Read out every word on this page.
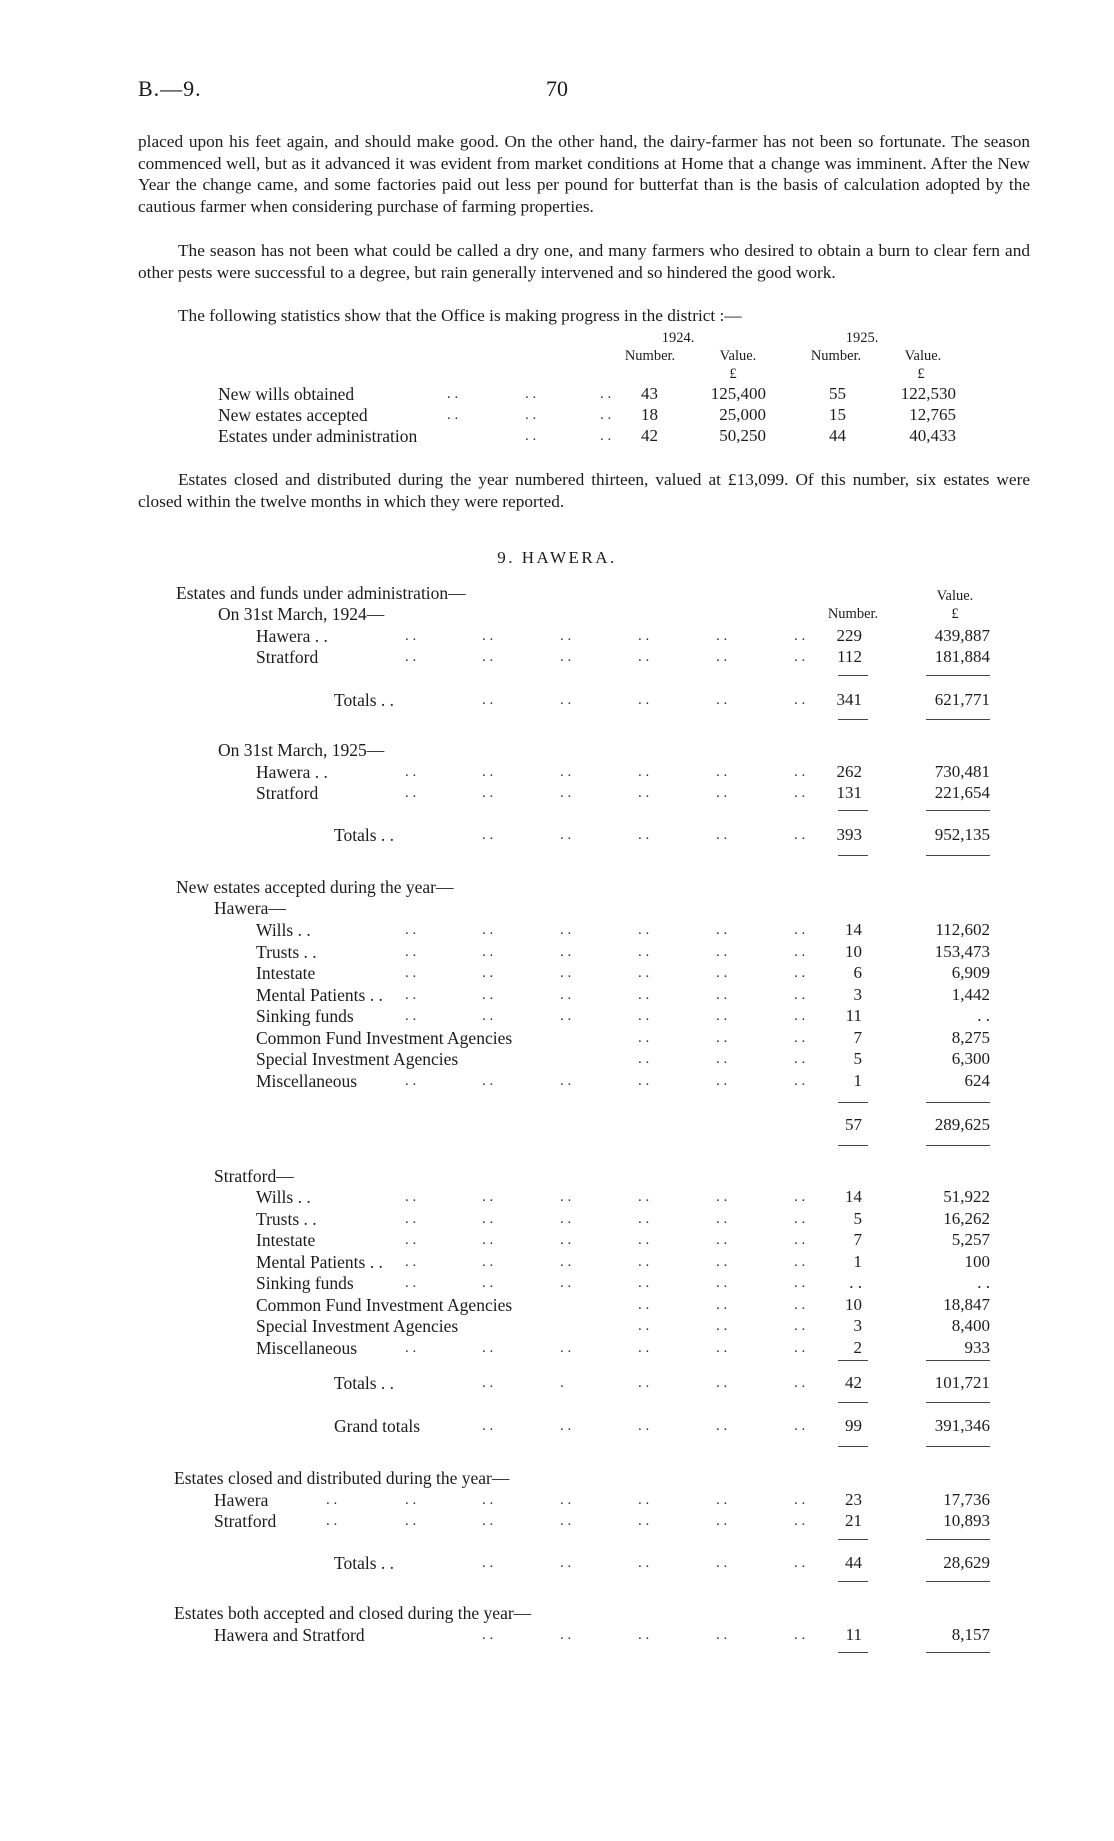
B.—9.	70

placed upon his feet again, and should make good. On the other hand, the dairy-farmer has not been so fortunate. The season commenced well, but as it advanced it was evident from market conditions at Home that a change was imminent. After the New Year the change came, and some factories paid out less per pound for butterfat than is the basis of calculation adopted by the cautious farmer when considering purchase of farming properties.

The season has not been what could be called a dry one, and many farmers who desired to obtain a burn to clear fern and other pests were successful to a degree, but rain generally intervened and so hindered the good work.

The following statistics show that the Office is making progress in the district :—

1924.	1925.
Number.	Value.	Number.	Value.
£	£
New wills obtained	. .	. .	. . 43	125,400	55	122,530
New estates accepted	. .	. .	. . 18	25,000	15	12,765
Estates under administration	. .	. . 42	50,250	44	40,433

Estates closed and distributed during the year numbered thirteen, valued at £13,099. Of this number, six estates were closed within the twelve months in which they were reported.

9. HAWERA.
Number.
Value.
£
Estates and funds under administration—
On 31st March, 1924—
Hawera . .	. .	. .	. .	. .	. .	. . 229	439,887
Stratford	. .	. .	. .	. .	. .	. . 112	181,884
Totals . .	. .	. .	. .	. .	. . 341	621,771
On 31st March, 1925—
Hawera . .	. .	. .	. .	. .	. .	. . 262	730,481
Stratford	. .	. .	. .	. .	. .	. . 131	221,654
Totals . .	. .	. .	. .	. .	. . 393	952,135
New estates accepted during the year—
Hawera—
Wills . .	. .	. .	. .	. .	. .	. . 14	112,602
Trusts . .	. .	. .	. .	. .	. .	. . 10	153,473
Intestate	. .	. .	. .	. .	. .	. .	6	6,909
Mental Patients . . . .	. .	. .	. .	. .	. .	3	1,442
Sinking funds	. .	. .	. .	. .	. .	. . 11	. .
Common Fund Investment Agencies	. .	. .	. .	7	8,275
Special Investment Agencies	. .	. .	. .	5	6,300
Miscellaneous	. .	. .	. .	. .	. .	. .	1	624
57	289,625
Stratford—
Wills . .	. .	. .	. .	. .	. .	. . 14	51,922
Trusts . .	. .	. .	. .	. .	. .	. .	5	16,262
Intestate	. .	. .	. .	. .	. .	. .	7	5,257
Mental Patients . . . .	. .	. .	. .	. .	. .	1	100
Sinking funds	. .	. .	. .	. .	. .	. .	. .	. .
Common Fund Investment Agencies	. .	. .	. . 10	18,847
Special Investment Agencies	. .	. .	. .	3	8,400
Miscellaneous	. .	. .	. .	. .	. .	. .	2	933
Totals . .	. .	.	. .	. .	. . 42	101,721
Grand totals	. .	. .	. .	. .	. . 99	391,346
Estates closed and distributed during the year—
Hawera	. .	. .	. .	. .	. .	. .	. . 23	17,736
Stratford	. .	. .	. .	. .	. .	. .	. . 21	10,893
Totals . .	. .	. .	. .	. .	. . 44	28,629
Estates both accepted and closed during the year—
Hawera and Stratford	. .	. .	. .	. .	. . 11	8,157
